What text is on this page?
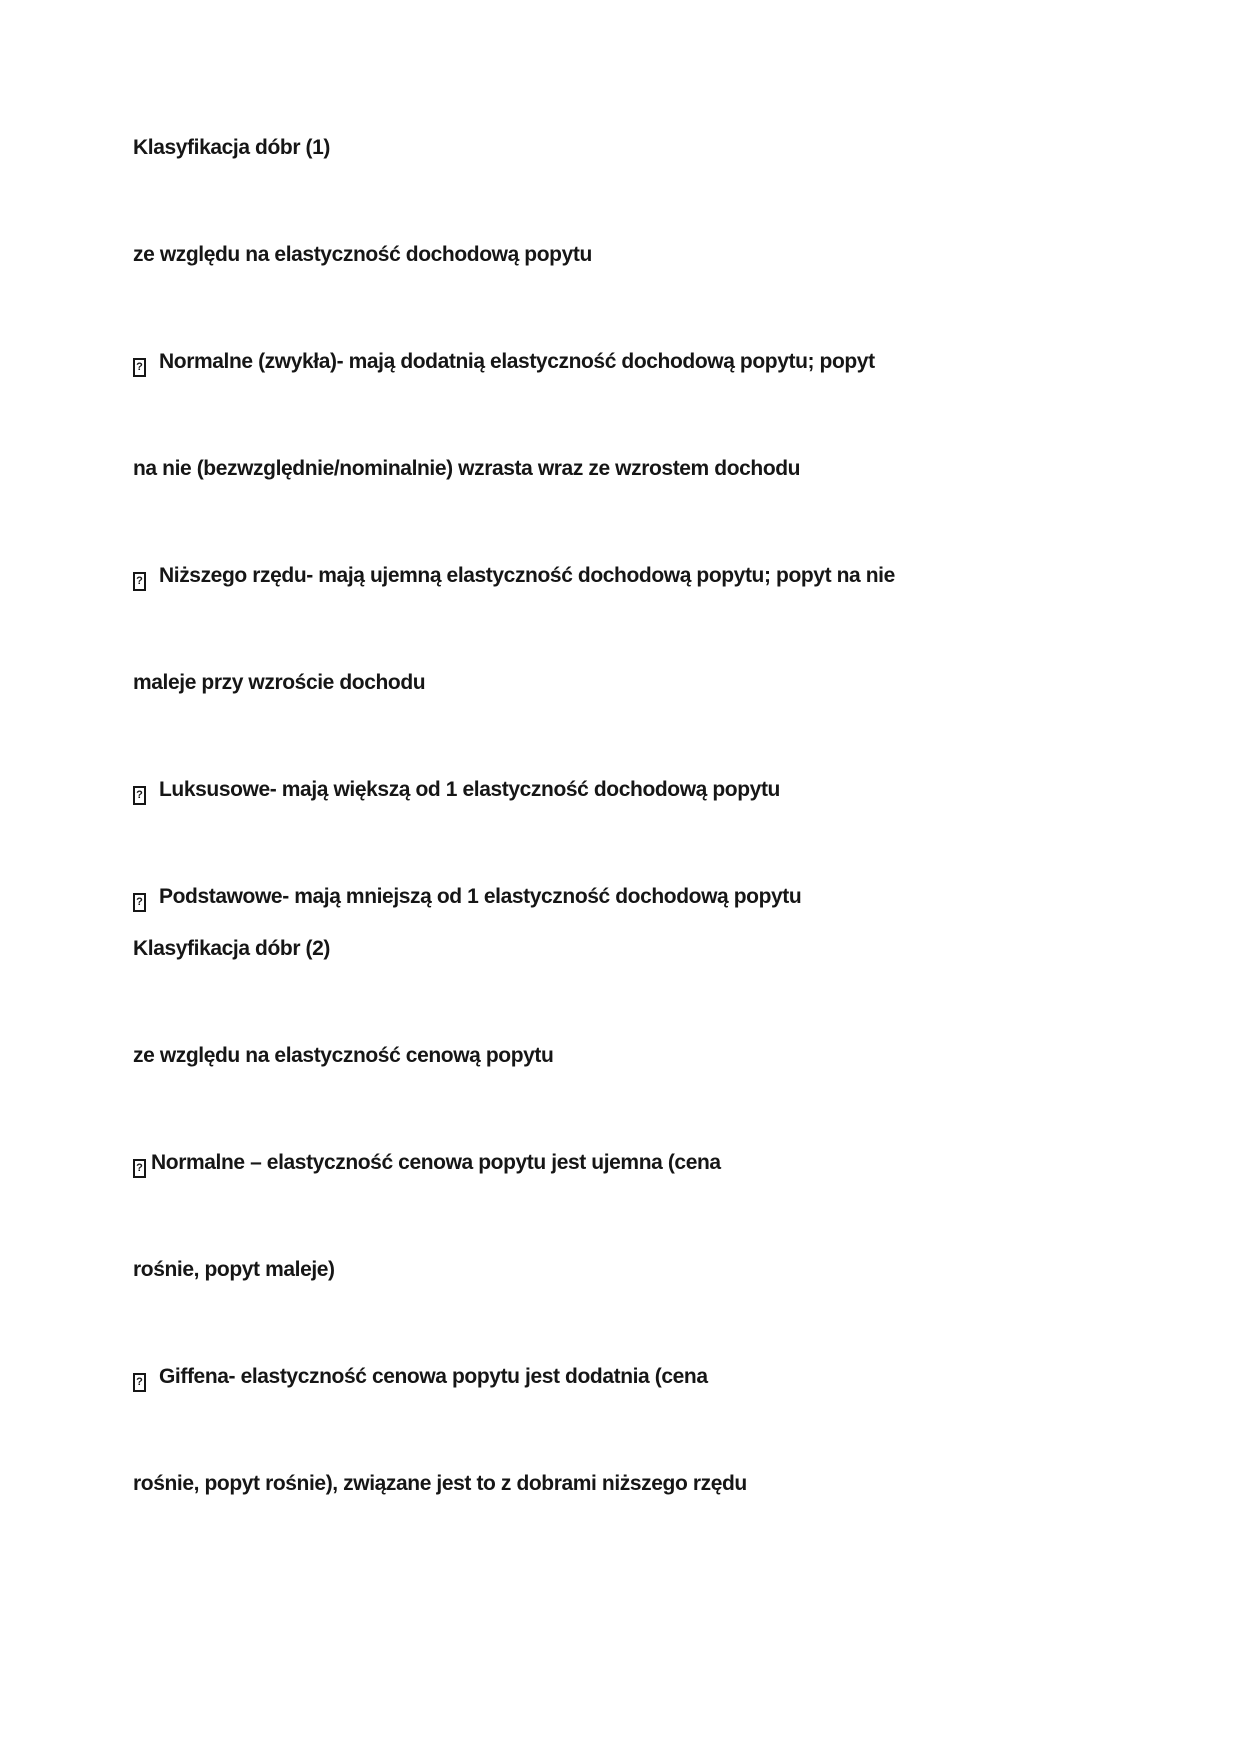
Klasyfikacja dóbr (1)
ze względu na elastyczność dochodową popytu
? Normalne (zwykła)- mają dodatnią elastyczność dochodową popytu; popyt
na nie (bezwzględnie/nominalnie) wzrasta wraz ze wzrostem dochodu
? Niższego rzędu- mają ujemną elastyczność dochodową popytu; popyt na nie
maleje przy wzroście dochodu
? Luksusowe- mają większą od 1 elastyczność dochodową popytu
? Podstawowe- mają mniejszą od 1 elastyczność dochodową popytu
Klasyfikacja dóbr (2)
ze względu na elastyczność cenową popytu
? Normalne – elastyczność cenowa popytu jest ujemna (cena
rośnie, popyt maleje)
? Giffena- elastyczność cenowa popytu jest dodatnia (cena
rośnie, popyt rośnie), związane jest to z dobrami niższego rzędu
